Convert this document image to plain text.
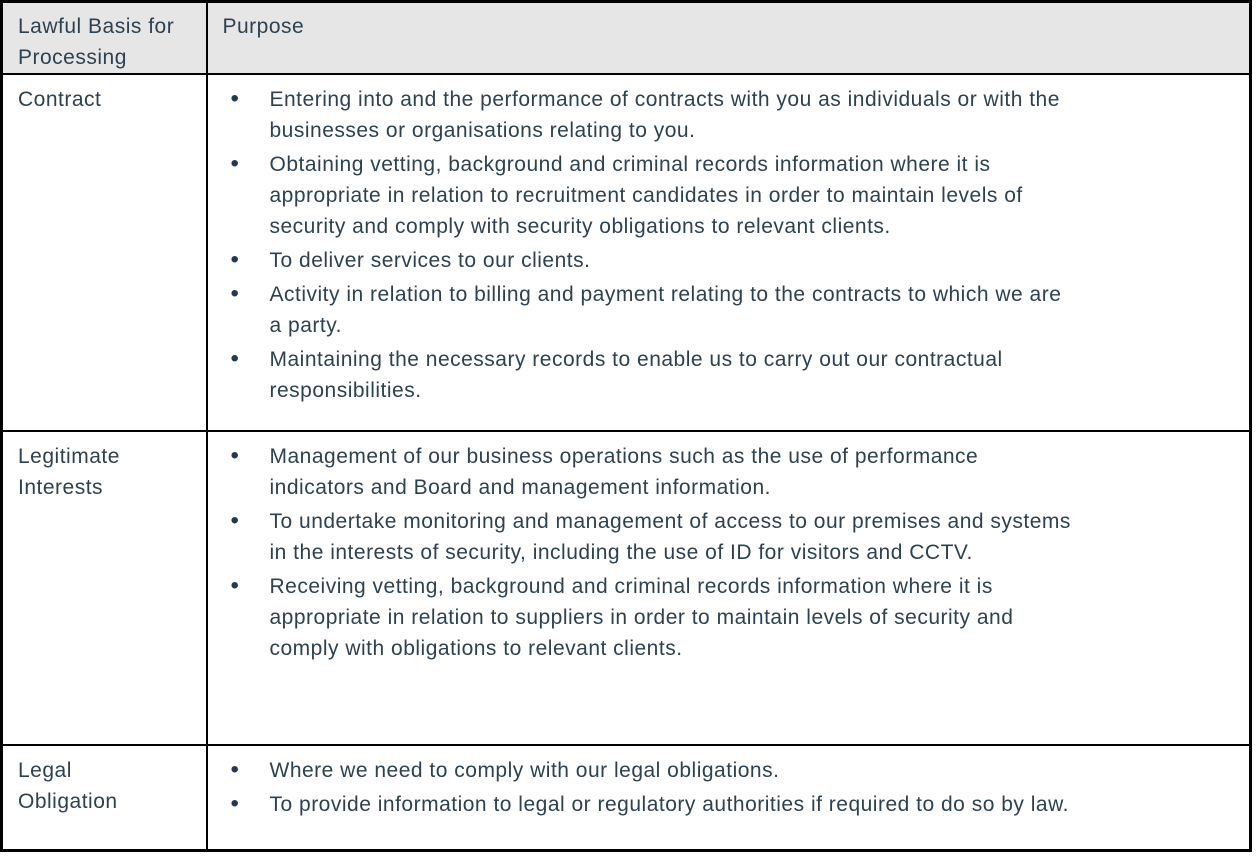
Lawful Basis for Processing	Purpose
Contract	
•Entering into and the performance of contracts with you as individuals or with the businesses or organisations relating to you.
• Obtaining vetting, background and criminal records information where it is appropriate in relation to recruitment candidates in order to maintain levels of security and comply with security obligations to relevant clients.
• To deliver services to our clients.
• Activity in relation to billing and payment relating to the contracts to which we are a party.
• Maintaining the necessary records to enable us to carry out our contractual responsibilities.

Legitimate Interests	
• Management of our business operations such as the use of performance indicators and Board and management information.
• To undertake monitoring and management of access to our premises and systems in the interests of security, including the use of ID for visitors and CCTV.
• Receiving vetting, background and criminal records information where it is appropriate in relation to suppliers in order to maintain levels of security and comply with obligations to relevant clients.

Legal Obligation	
• Where we need to comply with our legal obligations.
• To provide information to legal or regulatory authorities if required to do so by law.
